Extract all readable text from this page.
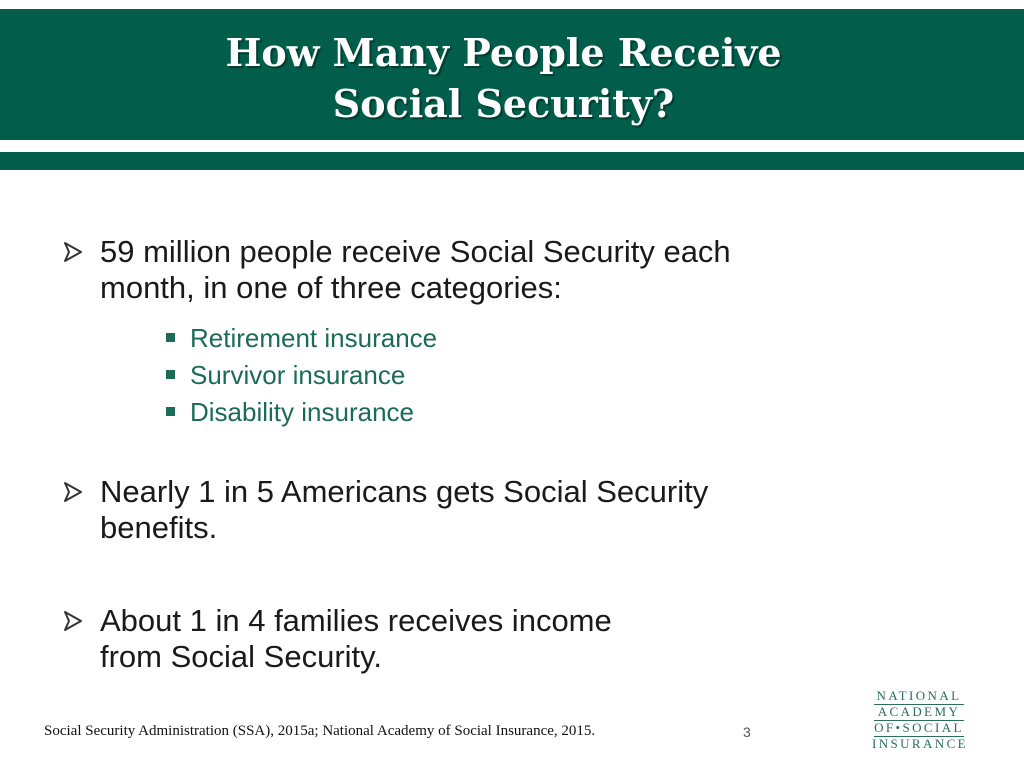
How Many People Receive
Social Security?
59 million people receive Social Security each
month, in one of three categories:
Retirement insurance
Survivor insurance
Disability insurance
Nearly 1 in 5 Americans gets Social Security
benefits.
About 1 in 4 families receives income
from Social Security.
Social Security Administration (SSA), 2015a; National Academy of Social Insurance, 2015.	3
NATIONAL
ACADEMY
OF•SOCIAL
INSURANCE
